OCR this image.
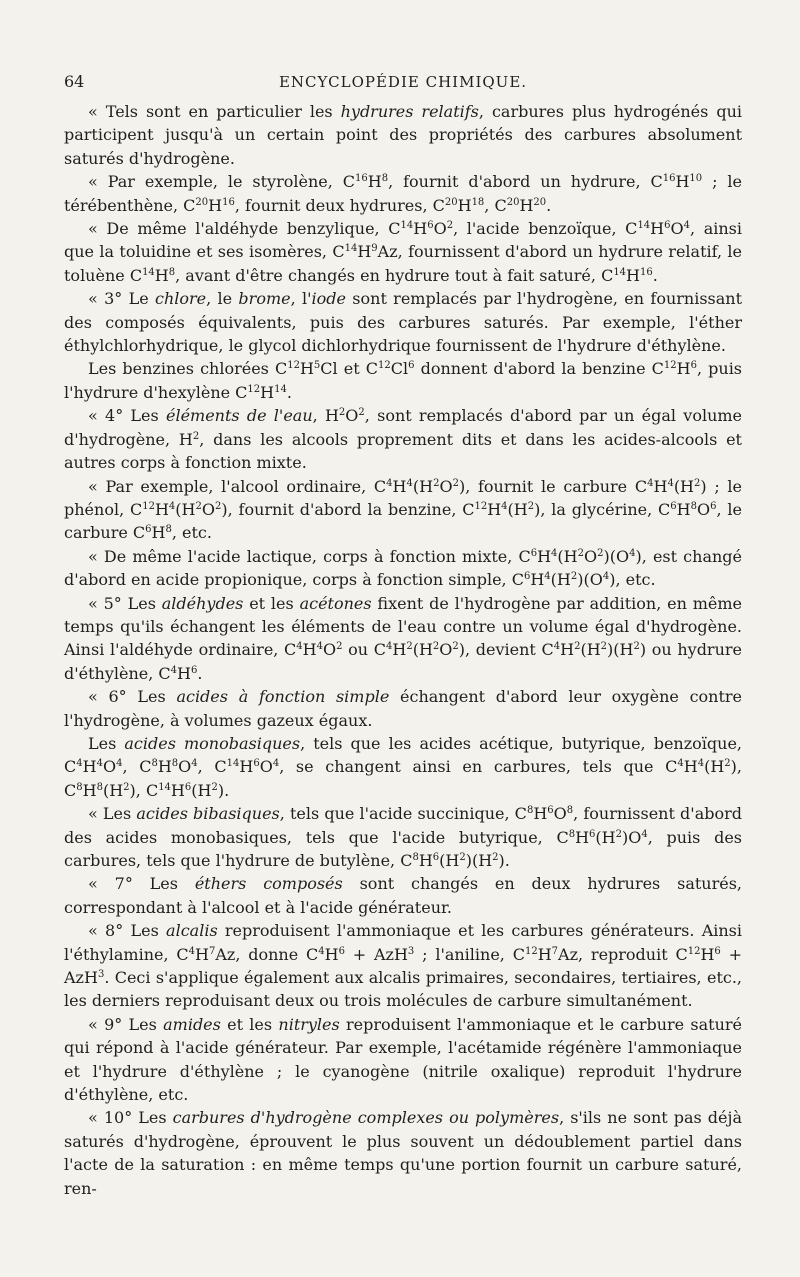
64	ENCYCLOPÉDIE CHIMIQUE.

« Tels sont en particulier les hydrures relatifs, carbures plus hydrogénés qui participent jusqu'à un certain point des propriétés des carbures absolument saturés d'hydrogène.

« Par exemple, le styrolène, $C^{16}H^8$, fournit d'abord un hydrure, $C^{16}H^{10}$ ; le térébenthène, $C^{20}H^{16}$, fournit deux hydrures, $C^{20}H^{18}$, $C^{20}H^{20}$.

« De même l'aldéhyde benzylique, $C^{14}H^6O^2$, l'acide benzoïque, $C^{14}H^6O^4$, ainsi que la toluidine et ses isomères, $C^{14}H^9Az$, fournissent d'abord un hydrure relatif, le toluène $C^{14}H^8$, avant d'être changés en hydrure tout à fait saturé, $C^{14}H^{16}$.

« 3° Le chlore, le brome, l'iode sont remplacés par l'hydrogène, en fournissant des composés équivalents, puis des carbures saturés. Par exemple, l'éther éthylchlorhydrique, le glycol dichlorhydrique fournissent de l'hydrure d'éthylène.

Les benzines chlorées $C^{12}H^5Cl$ et $C^{12}Cl^6$ donnent d'abord la benzine $C^{12}H^6$, puis l'hydrure d'hexylène $C^{12}H^{14}$.

« 4° Les éléments de l'eau, $H^2O^2$, sont remplacés d'abord par un égal volume d'hydrogène, $H^2$, dans les alcools proprement dits et dans les acides-alcools et autres corps à fonction mixte.

« Par exemple, l'alcool ordinaire, $C^4H^4(H^2O^2)$, fournit le carbure $C^4H^4(H^2)$ ; le phénol, $C^{12}H^4(H^2O^2)$, fournit d'abord la benzine, $C^{12}H^4(H^2)$, la glycérine, $C^6H^8O^6$, le carbure $C^6H^8$, etc.

« De même l'acide lactique, corps à fonction mixte, $C^6H^4(H^2O^2)(O^4)$, est changé d'abord en acide propionique, corps à fonction simple, $C^6H^4(H^2)(O^4)$, etc.

« 5° Les aldéhydes et les acétones fixent de l'hydrogène par addition, en même temps qu'ils échangent les éléments de l'eau contre un volume égal d'hydrogène. Ainsi l'aldéhyde ordinaire, $C^4H^4O^2$ ou $C^4H^2(H^2O^2)$, devient $C^4H^2(H^2)(H^2)$ ou hydrure d'éthylène, $C^4H^6$.

« 6° Les acides à fonction simple échangent d'abord leur oxygène contre l'hydrogène, à volumes gazeux égaux.

Les acides monobasiques, tels que les acides acétique, butyrique, benzoïque, $C^4H^4O^4$, $C^8H^8O^4$, $C^{14}H^6O^4$, se changent ainsi en carbures, tels que $C^4H^4(H^2)$, $C^8H^8(H^2)$, $C^{14}H^6(H^2)$.

« Les acides bibasiques, tels que l'acide succinique, $C^8H^6O^8$, fournissent d'abord des acides monobasiques, tels que l'acide butyrique, $C^8H^6(H^2)O^4$, puis des carbures, tels que l'hydrure de butylène, $C^8H^6(H^2)(H^2)$.

« 7° Les éthers composés sont changés en deux hydrures saturés, correspondant à l'alcool et à l'acide générateur.

« 8° Les alcalis reproduisent l'ammoniaque et les carbures générateurs. Ainsi l'éthylamine, $C^4H^7Az$, donne $C^4H^6 + AzH^3$ ; l'aniline, $C^{12}H^7Az$, reproduit $C^{12}H^6 + AzH^3$. Ceci s'applique également aux alcalis primaires, secondaires, tertiaires, etc., les derniers reproduisant deux ou trois molécules de carbure simultanément.

« 9° Les amides et les nitryles reproduisent l'ammoniaque et le carbure saturé qui répond à l'acide générateur. Par exemple, l'acétamide régénère l'ammoniaque et l'hydrure d'éthylène ; le cyanogène (nitrile oxalique) reproduit l'hydrure d'éthylène, etc.

« 10° Les carbures d'hydrogène complexes ou polymères, s'ils ne sont pas déjà saturés d'hydrogène, éprouvent le plus souvent un dédoublement partiel dans l'acte de la saturation : en même temps qu'une portion fournit un carbure saturé, ren-
